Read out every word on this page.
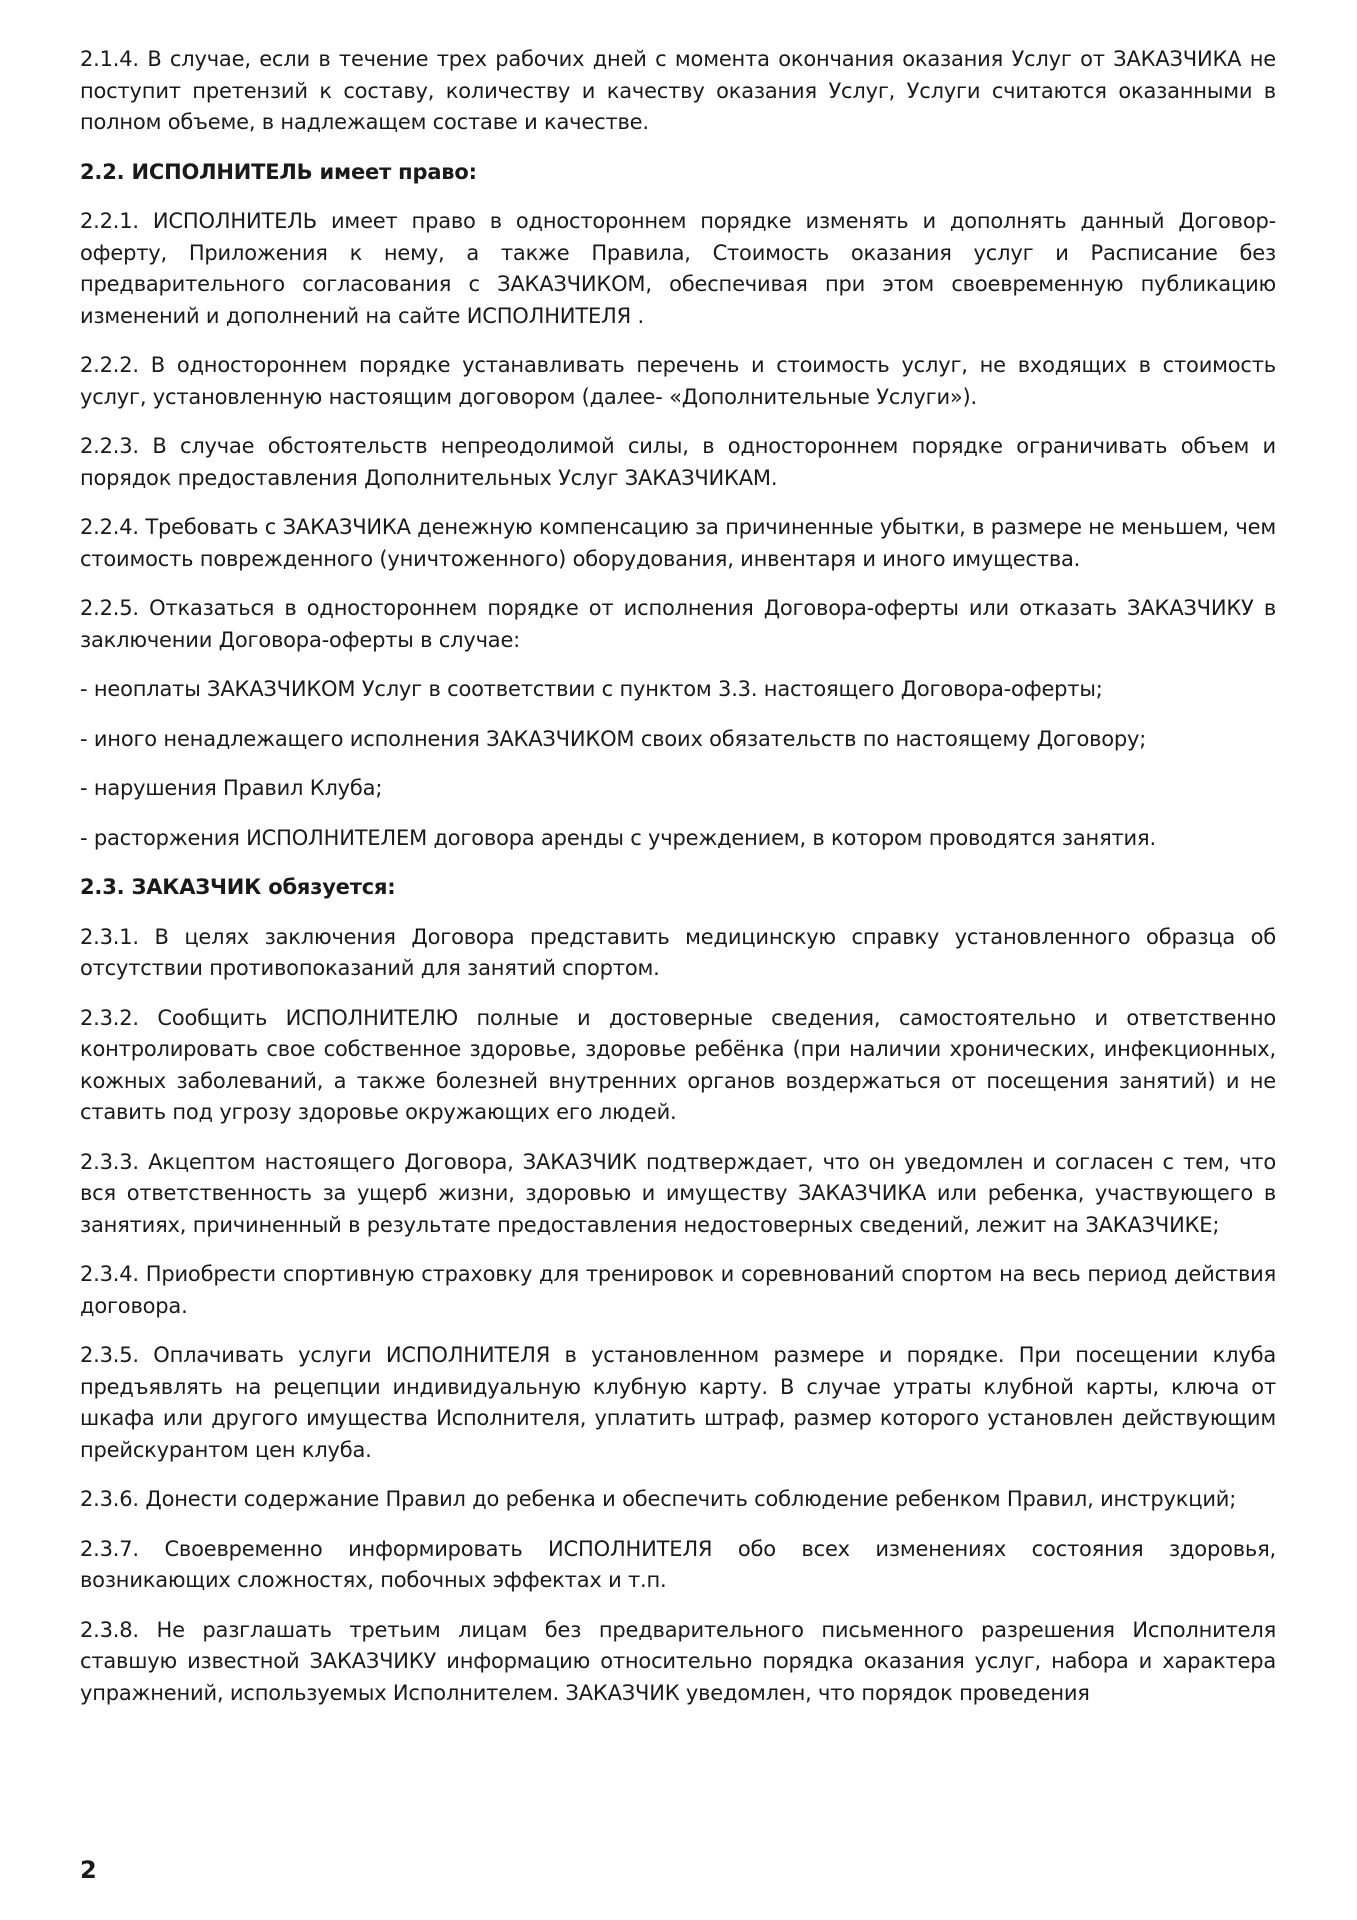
2.1.4. В случае, если в течение трех рабочих дней с момента окончания оказания Услуг от ЗАКАЗЧИКА не поступит претензий к составу, количеству и качеству оказания Услуг, Услуги считаются оказанными в полном объеме, в надлежащем составе и качестве.

2.2. ИСПОЛНИТЕЛЬ имеет право:

2.2.1. ИСПОЛНИТЕЛЬ имеет право в одностороннем порядке изменять и дополнять данный Договор-оферту, Приложения к нему, а также Правила, Стоимость оказания услуг и Расписание без предварительного согласования с ЗАКАЗЧИКОМ, обеспечивая при этом своевременную публикацию изменений и дополнений на сайте ИСПОЛНИТЕЛЯ .

2.2.2. В одностороннем порядке устанавливать перечень и стоимость услуг, не входящих в стоимость услуг, установленную настоящим договором (далее- «Дополнительные Услуги»).

2.2.3. В случае обстоятельств непреодолимой силы, в одностороннем порядке ограничивать объем и порядок предоставления Дополнительных Услуг ЗАКАЗЧИКАМ.

2.2.4. Требовать с ЗАКАЗЧИКА денежную компенсацию за причиненные убытки, в размере не меньшем, чем стоимость поврежденного (уничтоженного) оборудования, инвентаря и иного имущества.

2.2.5. Отказаться в одностороннем порядке от исполнения Договора-оферты или отказать ЗАКАЗЧИКУ в заключении Договора-оферты в случае:

- неоплаты ЗАКАЗЧИКОМ Услуг в соответствии с пунктом 3.3. настоящего Договора-оферты;

- иного ненадлежащего исполнения ЗАКАЗЧИКОМ своих обязательств по настоящему Договору;

- нарушения Правил Клуба;

- расторжения ИСПОЛНИТЕЛЕМ договора аренды с учреждением, в котором проводятся занятия.

2.3. ЗАКАЗЧИК обязуется:

2.3.1. В целях заключения Договора представить медицинскую справку установленного образца об отсутствии противопоказаний для занятий спортом.

2.3.2. Сообщить ИСПОЛНИТЕЛЮ полные и достоверные сведения, самостоятельно и ответственно контролировать свое собственное здоровье, здоровье ребёнка (при наличии хронических, инфекционных, кожных заболеваний, а также болезней внутренних органов воздержаться от посещения занятий) и не ставить под угрозу здоровье окружающих его людей.

2.3.3. Акцептом настоящего Договора, ЗАКАЗЧИК подтверждает, что он уведомлен и согласен с тем, что вся ответственность за ущерб жизни, здоровью и имуществу ЗАКАЗЧИКА или ребенка, участвующего в занятиях, причиненный в результате предоставления недостоверных сведений, лежит на ЗАКАЗЧИКЕ;

2.3.4. Приобрести спортивную страховку для тренировок и соревнований спортом на весь период действия договора.

2.3.5. Оплачивать услуги ИСПОЛНИТЕЛЯ в установленном размере и порядке. При посещении клуба предъявлять на рецепции индивидуальную клубную карту. В случае утраты клубной карты, ключа от шкафа или другого имущества Исполнителя, уплатить штраф, размер которого установлен действующим прейскурантом цен клуба.

2.3.6. Донести содержание Правил до ребенка и обеспечить соблюдение ребенком Правил, инструкций;

2.3.7. Своевременно информировать ИСПОЛНИТЕЛЯ обо всех изменениях состояния здоровья, возникающих сложностях, побочных эффектах и т.п.

2.3.8. Не разглашать третьим лицам без предварительного письменного разрешения Исполнителя ставшую известной ЗАКАЗЧИКУ информацию относительно порядка оказания услуг, набора и характера упражнений, используемых Исполнителем. ЗАКАЗЧИК уведомлен, что порядок проведения

2
